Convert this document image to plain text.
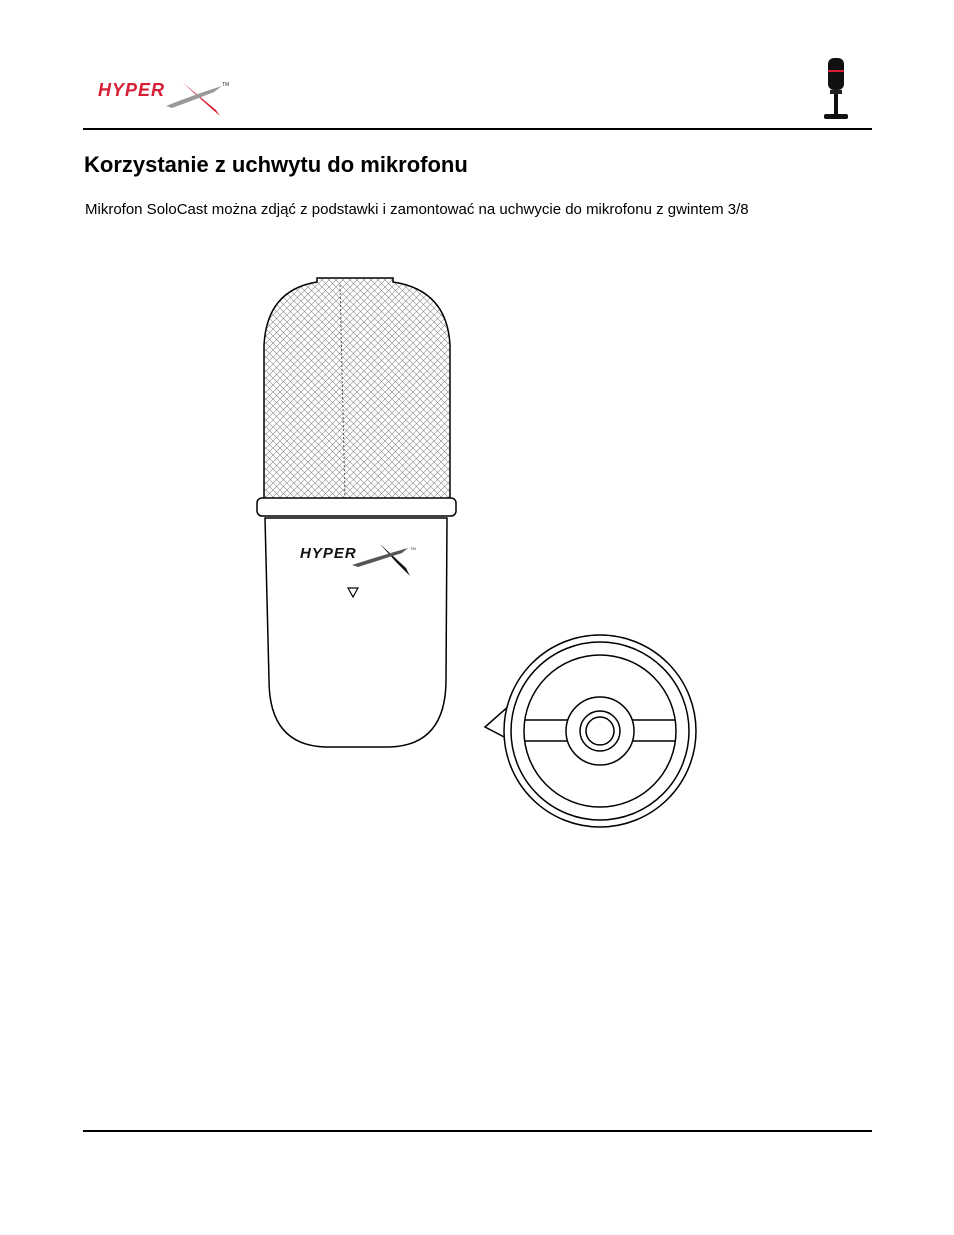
HYPER	TM
Korzystanie z uchwytu do mikrofonu

Mikrofon SoloCast można zdjąć z podstawki i zamontować na uchwycie do mikrofonu z gwintem 3/8

HYPER	TM
